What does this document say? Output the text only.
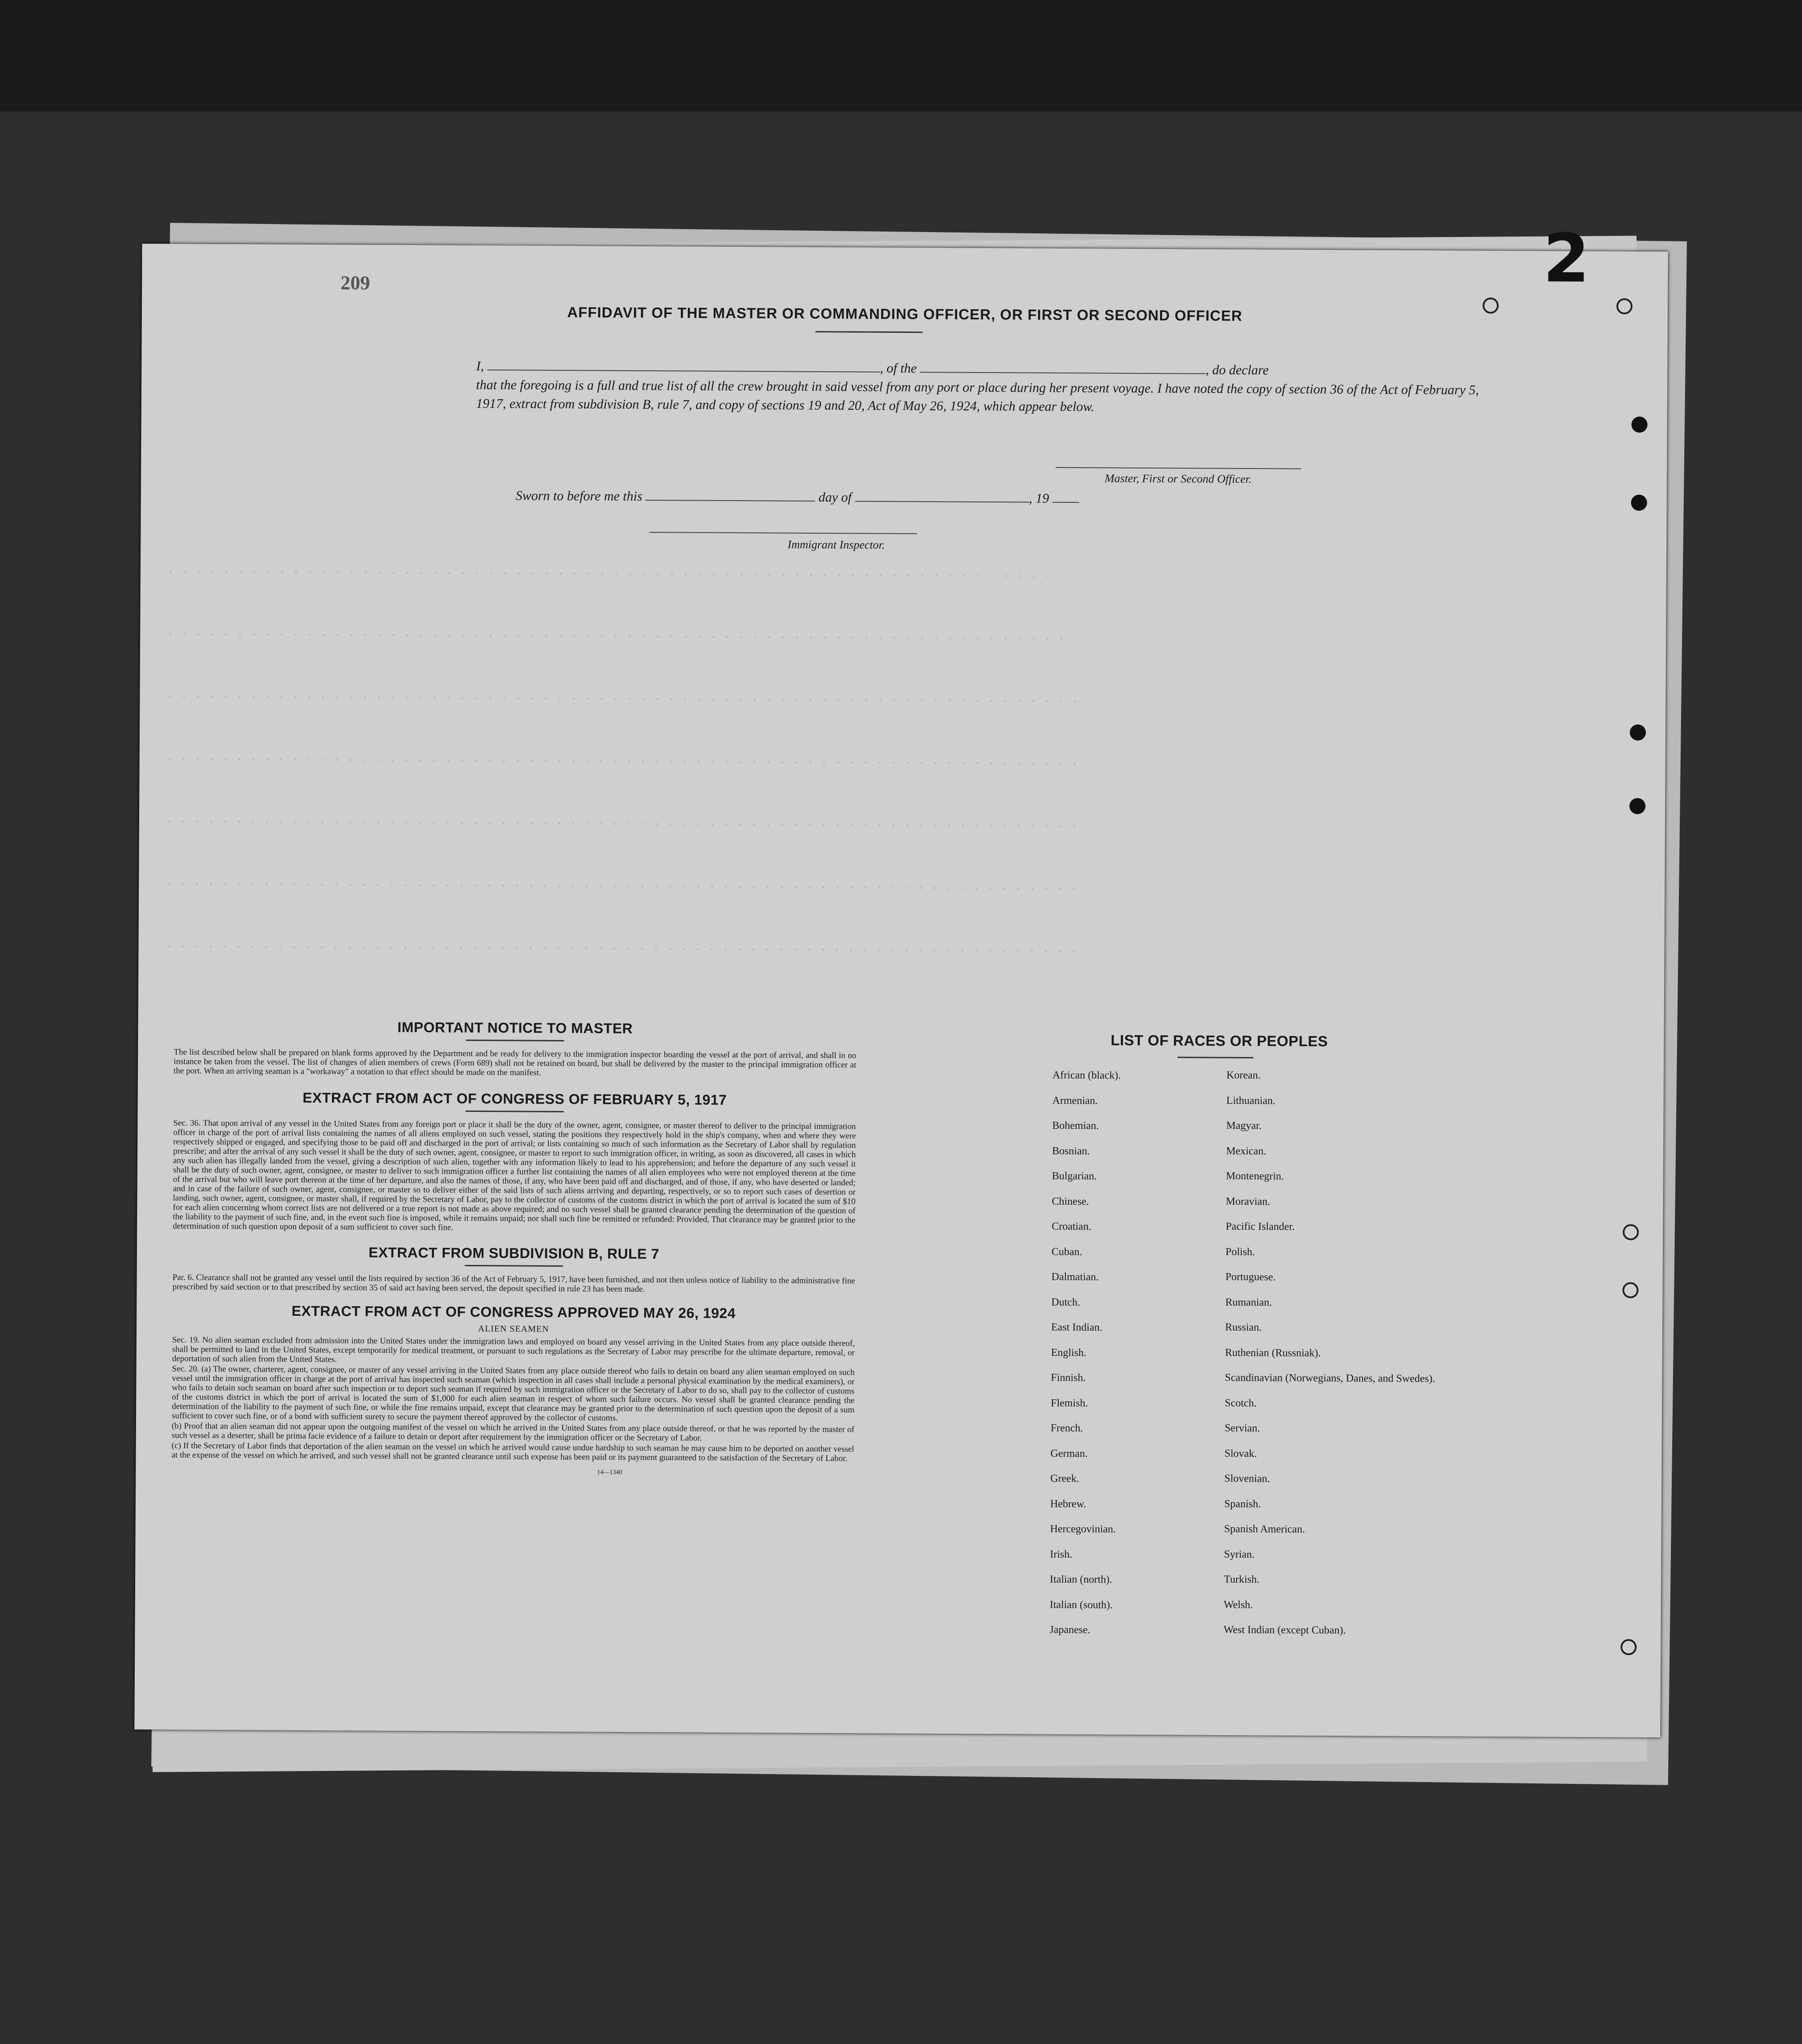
· · · · · · · · · · · · · · · · · · · · · · · · · · · · · · · · · · · · · · · · · · · · · · · · · · · · · · · · · · · · · · · ·
· · · · · · · · · · · · · · · · · · · · · · · · · · · · · · · · · · · · · · · · · · · · · · · · · · · · · · · · · · · · · · · · ·
· · · · · · · · · · · · · · · · · · · · · · · · · · · · · · · · · · · · · · · · · · · · · · · · · · · · · · · · · · · · · · · · · ·
· · · · · · · · · · · · · · · · · · · · · · · · · · · · · · · · · · · · · · · · · · · · · · · · · · · · · · · · · · · · · · · · · ·
· · · · · · · · · · · · · · · · · · · · · · · · · · · · · · · · · · · · · · · · · · · · · · · · · · · · · · · · · · · · · · · · · ·
· · · · · · · · · · · · · · · · · · · · · · · · · · · · · · · · · · · · · · · · · · · · · · · · · · · · · · · · · · · · · · · · · ·
· · · · · · · · · · · · · · · · · · · · · · · · · · · · · · · · · · · · · · · · · · · · · · · · · · · · · · · · · · · · · · · · · ·
209	2
AFFIDAVIT OF THE MASTER OR COMMANDING OFFICER, OR FIRST OR SECOND OFFICER
I,	, of the	, do declare
that the foregoing is a full and true list of all the crew brought in said vessel from any port or place during her present voyage. I have noted the copy of section 36 of the Act of February 5, 1917, extract from subdivision B, rule 7, and copy of sections 19 and 20, Act of May 26, 1924, which appear below.
Master, First or Second Officer.
Sworn to before me this	day of	, 19
Immigrant Inspector.
IMPORTANT NOTICE TO MASTER

The list described below shall be prepared on blank forms approved by the Department and be ready for delivery to the immigration inspector boarding the vessel at the port of arrival, and shall in no instance be taken from the vessel. The list of changes of alien members of crews (Form 689) shall not be retained on board, but shall be delivered by the master to the principal immigration officer at the port. When an arriving seaman is a "workaway" a notation to that effect should be made on the manifest.

EXTRACT FROM ACT OF CONGRESS OF FEBRUARY 5, 1917

Sec. 36. That upon arrival of any vessel in the United States from any foreign port or place it shall be the duty of the owner, agent, consignee, or master thereof to deliver to the principal immigration officer in charge of the port of arrival lists containing the names of all aliens employed on such vessel, stating the positions they respectively hold in the ship's company, when and where they were respectively shipped or engaged, and specifying those to be paid off and discharged in the port of arrival; or lists containing so much of such information as the Secretary of Labor shall by regulation prescribe; and after the arrival of any such vessel it shall be the duty of such owner, agent, consignee, or master to report to such immigration officer, in writing, as soon as discovered, all cases in which any such alien has illegally landed from the vessel, giving a description of such alien, together with any information likely to lead to his apprehension; and before the departure of any such vessel it shall be the duty of such owner, agent, consignee, or master to deliver to such immigration officer a further list containing the names of all alien employees who were not employed thereon at the time of the arrival but who will leave port thereon at the time of her departure, and also the names of those, if any, who have been paid off and discharged, and of those, if any, who have deserted or landed; and in case of the failure of such owner, agent, consignee, or master so to deliver either of the said lists of such aliens arriving and departing, respectively, or so to report such cases of desertion or landing, such owner, agent, consignee, or master shall, if required by the Secretary of Labor, pay to the collector of customs of the customs district in which the port of arrival is located the sum of $10 for each alien concerning whom correct lists are not delivered or a true report is not made as above required; and no such vessel shall be granted clearance pending the determination of the question of the liability to the payment of such fine, and, in the event such fine is imposed, while it remains unpaid; nor shall such fine be remitted or refunded: Provided, That clearance may be granted prior to the determination of such question upon deposit of a sum sufficient to cover such fine.

EXTRACT FROM SUBDIVISION B, RULE 7

Par. 6. Clearance shall not be granted any vessel until the lists required by section 36 of the Act of February 5, 1917, have been furnished, and not then unless notice of liability to the administrative fine prescribed by said section or to that prescribed by section 35 of said act having been served, the deposit specified in rule 23 has been made.

EXTRACT FROM ACT OF CONGRESS APPROVED MAY 26, 1924
ALIEN SEAMEN

Sec. 19. No alien seaman excluded from admission into the United States under the immigration laws and employed on board any vessel arriving in the United States from any place outside thereof, shall be permitted to land in the United States, except temporarily for medical treatment, or pursuant to such regulations as the Secretary of Labor may prescribe for the ultimate departure, removal, or deportation of such alien from the United States.

Sec. 20. (a) The owner, charterer, agent, consignee, or master of any vessel arriving in the United States from any place outside thereof who fails to detain on board any alien seaman employed on such vessel until the immigration officer in charge at the port of arrival has inspected such seaman (which inspection in all cases shall include a personal physical examination by the medical examiners), or who fails to detain such seaman on board after such inspection or to deport such seaman if required by such immigration officer or the Secretary of Labor to do so, shall pay to the collector of customs of the customs district in which the port of arrival is located the sum of $1,000 for each alien seaman in respect of whom such failure occurs. No vessel shall be granted clearance pending the determination of the liability to the payment of such fine, or while the fine remains unpaid, except that clearance may be granted prior to the determination of such question upon the deposit of a sum sufficient to cover such fine, or of a bond with sufficient surety to secure the payment thereof approved by the collector of customs.

(b) Proof that an alien seaman did not appear upon the outgoing manifest of the vessel on which he arrived in the United States from any place outside thereof, or that he was reported by the master of such vessel as a deserter, shall be prima facie evidence of a failure to detain or deport after requirement by the immigration officer or the Secretary of Labor.

(c) If the Secretary of Labor finds that deportation of the alien seaman on the vessel on which he arrived would cause undue hardship to such seaman he may cause him to be deported on another vessel at the expense of the vessel on which he arrived, and such vessel shall not be granted clearance until such expense has been paid or its payment guaranteed to the satisfaction of the Secretary of Labor.

14—1340
LIST OF RACES OR PEOPLES
African (black).	Korean.
Armenian.	Lithuanian.
Bohemian.	Magyar.
Bosnian.	Mexican.
Bulgarian.	Montenegrin.
Chinese.	Moravian.
Croatian.	Pacific Islander.
Cuban.	Polish.
Dalmatian.	Portuguese.
Dutch.	Rumanian.
East Indian.	Russian.
English.	Ruthenian (Russniak).
Finnish.	Scandinavian (Norwegians, Danes, and Swedes).
Flemish.	Scotch.
French.	Servian.
German.	Slovak.
Greek.	Slovenian.
Hebrew.	Spanish.
Hercegovinian.	Spanish American.
Irish.	Syrian.
Italian (north).	Turkish.
Italian (south).	Welsh.
Japanese.	West Indian (except Cuban).
